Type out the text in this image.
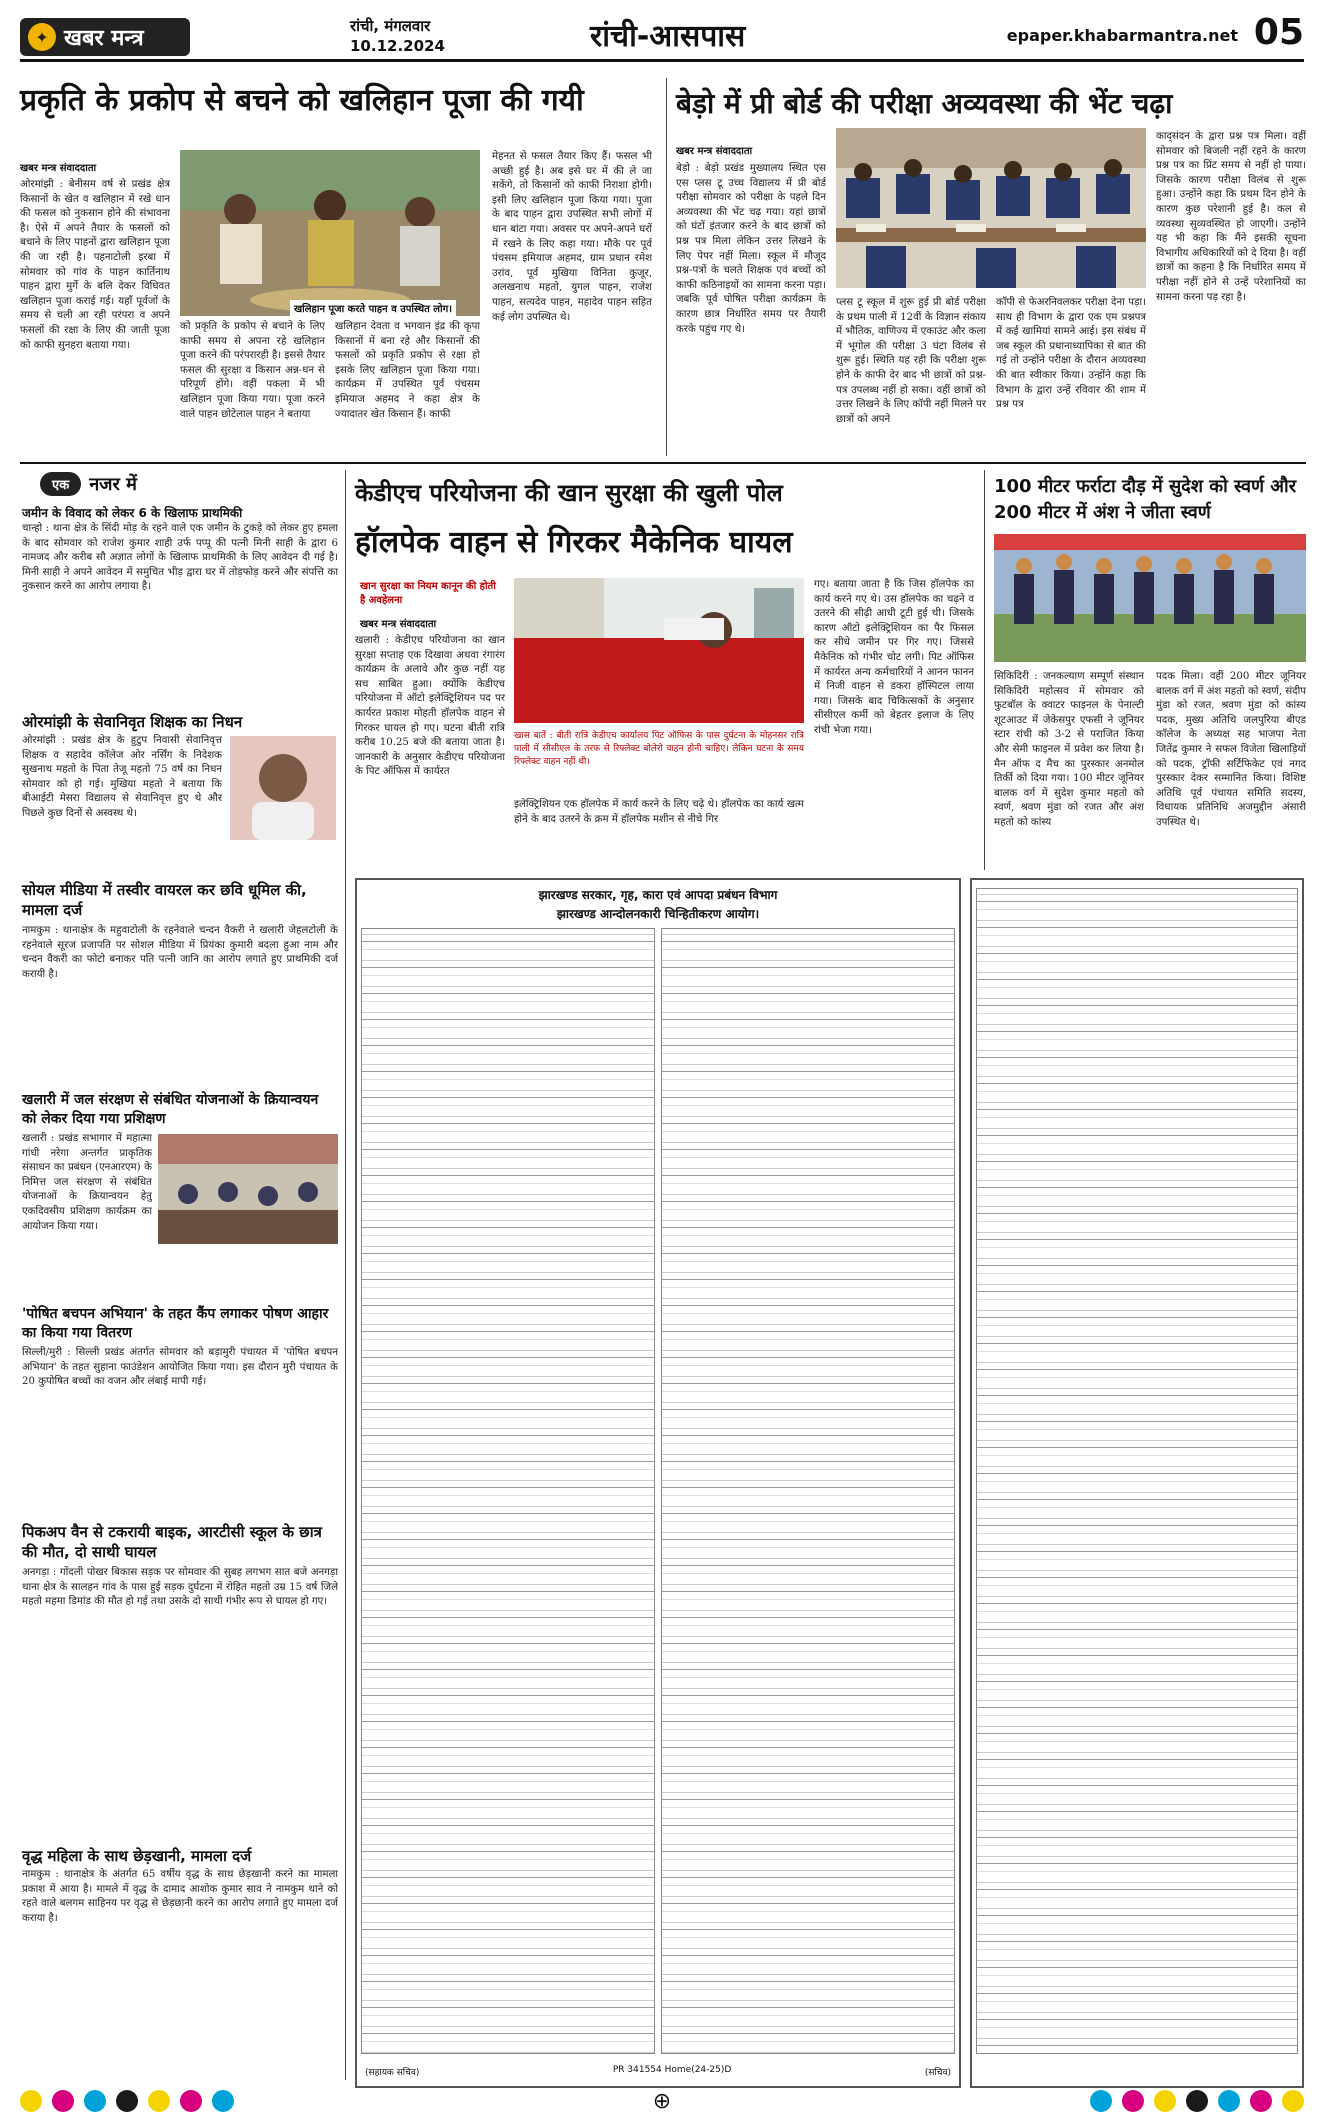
✦ खबर मन्त्र	रांची, मंगलवार
10.12.2024	रांची-आसपास	epaper.khabarmantra.net 05
प्रकृति के प्रकोप से बचने को खलिहान पूजा की गयी
खबर मन्त्र संवाददाता
ओरमांझी : बेनीसम वर्ष से प्रखंड क्षेत्र किसानों के खेत व खलिहान में रखे धान की फसल को नुकसान होने की संभावना है। ऐसे में अपने तैयार के फसलों को बचाने के लिए पाहनों द्वारा खलिहान पूजा की जा रही है। पहनाटोली इरबा में सोमवार को गांव के पाहन कार्तिनाथ पाहन द्वारा मुर्गे के बलि देकर विधिवत खलिहान पूजा कराई गई। यहाँ पूर्वजों के समय से चली आ रही परंपरा व अपने फसलों की रक्षा के लिए की जाती पूजा को काफी सुनहरा बताया गया।
खलिहान पूजा करते पाहन व उपस्थित लोग।
को प्रकृति के प्रकोप से बचाने के लिए काफी समय से अपना रहे खलिहान पूजा करने की परंपरारही है। इससे तैयार फसल की सुरक्षा व किसान अन्न-धन से परिपूर्ण होंगे। वहीं पकला में भी खलिहान पूजा किया गया। पूजा करने वाले पाहन छोटेलाल पाहन ने बताया
खलिहान देवता व भगवान इंद्र की कृपा किसानों में बना रहे और किसानों की फसलों को प्रकृति प्रकोप से रक्षा हो इसके लिए खलिहान पूजा किया गया। कार्यक्रम में उपस्थित पूर्व पंचसम इमियाज अहमद ने कहा क्षेत्र के ज्यादातर खेत किसान हैं। काफी
मेहनत से फसल तैयार किए हैं। फसल भी अच्छी हुई है। अब इसे घर में की ले जा सकेंगे, तो किसानों को काफी निराशा होगी। इसी लिए खलिहान पूजा किया गया। पूजा के बाद पाहन द्वारा उपस्थित सभी लोगों में धान बांटा गया। अवसर पर अपने-अपने घरों में रखने के लिए कहा गया। मौके पर पूर्व पंचसम इमियाज अहमद, ग्राम प्रधान रमेश उरांव, पूर्व मुखिया विनिता कुजूर, अलखनाथ महतो, युगल पाहन, राजेश पाहन, सत्यदेव पाहन, महादेव पाहन सहित कई लोग उपस्थित थे।
बेड़ो में प्री बोर्ड की परीक्षा अव्यवस्था की भेंट चढ़ा
खबर मन्त्र संवाददाता
बेड़ो : बेड़ो प्रखंड मुख्यालय स्थित एस एस प्लस टू उच्च विद्यालय में प्री बोर्ड परीक्षा सोमवार को परीक्षा के पहले दिन अव्यवस्था की भेंट चढ़ गया। यहां छात्रों को घंटों इंतजार करने के बाद छात्रों को प्रश्न पत्र मिला लेकिन उत्तर लिखने के लिए पेपर नहीं मिला। स्कूल में मौजूद प्रश्न-पत्रों के चलते शिक्षक एवं बच्चों को काफी कठिनाइयों का सामना करना पड़ा। जबकि पूर्व घोषित परीक्षा कार्यक्रम के कारण छात्र निर्धारित समय पर तैयारी करके पहुंच गए थे।
प्लस टू स्कूल में शुरू हुई प्री बोर्ड परीक्षा के प्रथम पाली में 12वीं के विज्ञान संकाय में भौतिक, वाणिज्य में एकाउंट और कला में भूगोल की परीक्षा 3 घंटा विलंब से शुरू हुई। स्थिति यह रही कि परीक्षा शुरू होने के काफी देर बाद भी छात्रों को प्रश्न-पत्र उपलब्ध नहीं हो सका। वहीं छात्रों को उत्तर लिखने के लिए कॉपी नहीं मिलने पर छात्रों को अपने
कॉपी से फेअरनिवलकर परीक्षा देना पड़ा। साथ ही विभाग के द्वारा एक एम प्रश्नपत्र में कई खामियां सामने आई। इस संबंध में जब स्कूल की प्रधानाध्यापिका से बात की गई तो उन्होंने परीक्षा के दौरान अव्यवस्था की बात स्वीकार किया। उन्होंने कहा कि विभाग के द्वारा उन्हें रविवार की शाम में प्रश्न पत्र
काद्संदन के द्वारा प्रश्न पत्र मिला। वहीं सोमवार को बिजली नहीं रहने के कारण प्रश्न पत्र का प्रिंट समय से नहीं हो पाया। जिसके कारण परीक्षा विलंब से शुरू हुआ। उन्होंने कहा कि प्रथम दिन होने के कारण कुछ परेशानी हुई है। कल से व्यवस्था सुव्यवस्थित हो जाएगी। उन्होंने यह भी कहा कि मैंने इसकी सूचना विभागीय अधिकारियों को दे दिया है। वहीं छात्रों का कहना है कि निर्धारित समय में परीक्षा नहीं होने से उन्हें परेशानियों का सामना करना पड़ रहा है।
एक	नजर में
जमीन के विवाद को लेकर 6 के खिलाफ प्राथमिकी
चान्हो : थाना क्षेत्र के सिंदी मोड़ के रहने वाले एक जमीन के टुकड़े को लेकर हुए हमला के बाद सोमवार को राजेश कुमार शाही उर्फ पप्पू की पत्नी मिनी साही के द्वारा 6 नामजद और करीब सौ अज्ञात लोगों के खिलाफ प्राथमिकी के लिए आवेदन दी गई है। मिनी साही ने अपने आवेदन में समुचित भीड़ द्वारा घर में तोड़फोड़ करने और संपत्ति का नुकसान करने का आरोप लगाया है।
ओरमांझी के सेवानिवृत शिक्षक का निधन
ओरमांझी : प्रखंड क्षेत्र के हुटुप निवासी सेवानिवृत्त शिक्षक व सहादेव कॉलेज ओर नर्सिंग के निदेशक सुखनाथ महतो के पिता तेजू महतो 75 वर्ष का निधन सोमवार को हो गई। मुखिया महतो ने बताया कि बीआईटी मेसरा विद्यालय से सेवानिवृत्त हुए थे और पिछले कुछ दिनों से अस्वस्थ थे।
सोयल मीडिया में तस्वीर वायरल कर छवि धूमिल की, मामला दर्ज
नामकुम : थानाक्षेत्र के महुवाटोली के रहनेवाले चन्दन वैकरी ने खलारी जेहलटोली के रहनेवाले सूरज प्रजापति पर सोशल मीडिया में प्रियंका कुमारी बदला हुआ नाम और चन्दन वैकरी का फोटो बनाकर पति पत्नी जानि का आरोप लगाते हुए प्राथमिकी दर्ज करायी है।
खलारी में जल संरक्षण से संबंधित योजनाओं के क्रियान्वयन को लेकर दिया गया प्रशिक्षण
खलारी : प्रखंड सभागार में महात्मा गांधी नरेगा अन्तर्गत प्राकृतिक संसाधन का प्रबंधन (एनआरएम) के निमित्त जल संरक्षण से संबंधित योजनाओं के क्रियान्वयन हेतु एकदिवसीय प्रशिक्षण कार्यक्रम का आयोजन किया गया।
'पोषित बचपन अभियान' के तहत कैंप लगाकर पोषण आहार का किया गया वितरण
सिल्ली/मुरी : सिल्ली प्रखंड अंतर्गत सोमवार को बड़ामुरी पंचायत में 'पोषित बचपन अभियान' के तहत सुहाना फाउंडेशन आयोजित किया गया। इस दौरान मुरी पंचायत के 20 कुपोषित बच्चों का वजन और लंबाई मापी गई।
पिकअप वैन से टकरायी बाइक, आरटीसी स्कूल के छात्र की मौत, दो साथी घायल
अनगड़ा : गोंदली पोखर बिकास सड़क पर सोमवार की सुबह लगभग सात बजे अनगड़ा थाना क्षेत्र के सालहन गांव के पास हुई सड़क दुर्घटना में रोहित महतो उम्र 15 वर्ष जिले महतो महमा डिमांड की मौत हो गई तथा उसके दो साथी गंभीर रूप से घायल हो गए।
वृद्ध महिला के साथ छेड़खानी, मामला दर्ज
नामकुम : थानाक्षेत्र के अंतर्गत 65 वर्षीय वृद्ध के साथ छेड़खानी करने का मामला प्रकाश में आया है। मामले में वृद्ध के दामाद आशोक कुमार साव ने नामकुम थाने को रहते वाले बलगम साहिनय पर वृद्ध से छेड़छानी करने का आरोप लगाते हुए मामला दर्ज कराया है।
केडीएच परियोजना की खान सुरक्षा की खुली पोल
हॉलपेक वाहन से गिरकर मैकेनिक घायल
खान सुरक्षा का नियम कानून की होती है अवहेलना
खबर मन्त्र संवाददाता
खलारी : केडीएच परियोजना का खान सुरक्षा सप्ताह एक दिखावा अथवा रंगारंग कार्यक्रम के अलावे और कुछ नहीं यह सच साबित हुआ। क्योंकि केडीएच परियोजना में ऑटो इलेक्ट्रिशियन पद पर कार्यरत प्रकाश मोहती हॉलपेक वाहन से गिरकर घायल हो गए। घटना बीती रात्रि करीब 10.25 बजे की बताया जाता है। जानकारी के अनुसार केडीएच परियोजना के पिट ऑफिस में कार्यरत
खास बातें : बीती रात्रि केडीएच कार्यालय पिट ऑफिस के पास दुर्घटना के मोहनसर रात्रि पाली में सीसीएल के तरफ से रिफ्लेक्ट बोलेरो वाहन होनी चाहिए। लेकिन घटना के समय रिफ्लेक्ट वाहन नहीं थी।
इलेक्ट्रिशियन एक हॉलपेक में कार्य करने के लिए चढ़े थे। हॉलपेक का कार्य खत्म होने के बाद उतरने के क्रम में हॉलपेक मशीन से नीचे गिर
गए। बताया जाता है कि जिस हॉलपेक का कार्य करने गए थे। उस हॉलपेक का चढ़ने व उतरने की सीढ़ी आधी टूटी हुई थी। जिसके कारण ऑटो इलेक्ट्रिशियन का पैर फिसल कर सीधे जमीन पर गिर गए। जिससे मैकेनिक को गंभीर चोट लगी। पिट ऑफिस में कार्यरत अन्य कर्मचारियों ने आनन फानन में निजी वाहन से डकरा हॉस्पिटल लाया गया। जिसके बाद चिकित्सकों के अनुसार सीसीएल कर्मी को बेहतर इलाज के लिए रांची भेजा गया।
100 मीटर फर्राटा दौड़ में सुदेश को स्वर्ण और 200 मीटर में अंश ने जीता स्वर्ण
सिकिदिरी : जनकल्याण सम्पूर्ण संस्थान सिकिदिरी महोत्सव में सोमवार को फुटबॉल के क्वाटर फाइनल के पेनाल्टी शूटआउट में जेकेसपुर एफसी ने जूनियर स्टार रांची को 3-2 से पराजित किया और सेमी फाइनल में प्रवेश कर लिया है। मैन ऑफ द मैच का पुरस्कार अनमोल तिर्की को दिया गया। 100 मीटर जूनियर बालक वर्ग में सुदेश कुमार महतो को स्वर्ण, श्रवण मुंडा को रजत और अंश महतो को कांस्य
पदक मिला। वहीं 200 मीटर जूनियर बालक वर्ग में अंश महतो को स्वर्ण, संदीप मुंडा को रजत, श्रवण मुंडा को कांस्य पदक, मुख्य अतिथि जलपुरिया बीएड कॉलेज के अध्यक्ष सह भाजपा नेता जितेंद्र कुमार ने सफल विजेता खिलाड़ियों को पदक, ट्रॉफी सर्टिफिकेट एवं नगद पुरस्कार देकर सम्मानित किया। विशिष्ट अतिथि पूर्व पंचायत समिति सदस्य, विधायक प्रतिनिधि अजमुद्दीन अंसारी उपस्थित थे।
झारखण्ड सरकार, गृह, कारा एवं आपदा प्रबंधन विभाग
झारखण्ड आन्दोलनकारी चिन्हितीकरण आयोग।
(सहायक सचिव)	PR 341554 Home(24-25)D	(सचिव)
⊕
